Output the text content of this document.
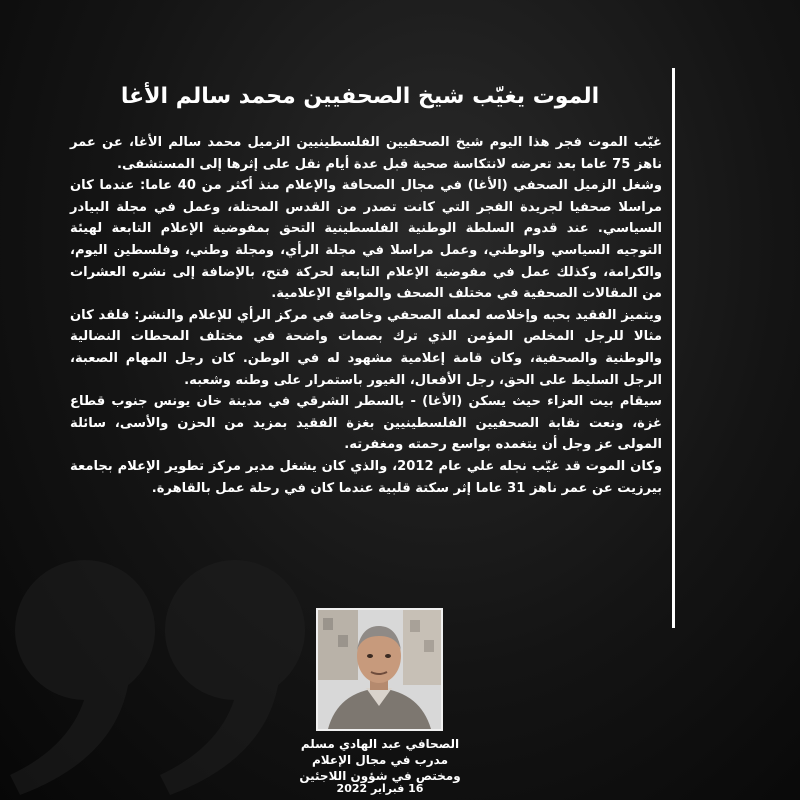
الموت يغيّب شيخ الصحفيين محمد سالم الأغا

غيّب الموت فجر هذا اليوم شيخ الصحفيين الفلسطينيين الزميل محمد سالم الأغا، عن عمر ناهز 75 عاما بعد تعرضه لانتكاسة صحية قبل عدة أيام نقل على إثرها إلى المستشفى.

وشغل الزميل الصحفي (الأغا) في مجال الصحافة والإعلام منذ أكثر من 40 عاما: عندما كان مراسلا صحفيا لجريدة الفجر التي كانت تصدر من القدس المحتلة، وعمل في مجلة البيادر السياسي. عند قدوم السلطة الوطنية الفلسطينية التحق بمفوضية الإعلام التابعة لهيئة التوجيه السياسي والوطني، وعمل مراسلا في مجلة الرأي، ومجلة وطني، وفلسطين اليوم، والكرامة، وكذلك عمل في مفوضية الإعلام التابعة لحركة فتح، بالإضافة إلى نشره العشرات من المقالات الصحفية في مختلف الصحف والمواقع الإعلامية.

ويتميز الفقيد بحبه وإخلاصه لعمله الصحفي وخاصة في مركز الرأي للإعلام والنشر: فلقد كان مثالا للرجل المخلص المؤمن الذي ترك بصمات واضحة في مختلف المحطات النضالية والوطنية والصحفية، وكان قامة إعلامية مشهود له في الوطن. كان رجل المهام الصعبة، الرجل السليط على الحق، رجل الأفعال، الغيور باستمرار على وطنه وشعبه.

سيقام بيت العزاء حيث يسكن (الأغا) - بالسطر الشرقي في مدينة خان يونس جنوب قطاع غزة، ونعت نقابة الصحفيين الفلسطينيين بغزة الفقيد بمزيد من الحزن والأسى، سائلة المولى عز وجل أن يتغمده بواسع رحمته ومغفرته.

وكان الموت قد غيّب نجله علي عام 2012، والذي كان يشغل مدير مركز تطوير الإعلام بجامعة بيرزيت عن عمر ناهز 31 عاما إثر سكتة قلبية عندما كان في رحلة عمل بالقاهرة.

الصحافي عبد الهادي مسلم
مدرب في مجال الإعلام
ومختص في شؤون اللاجئين
16 فبراير 2022
